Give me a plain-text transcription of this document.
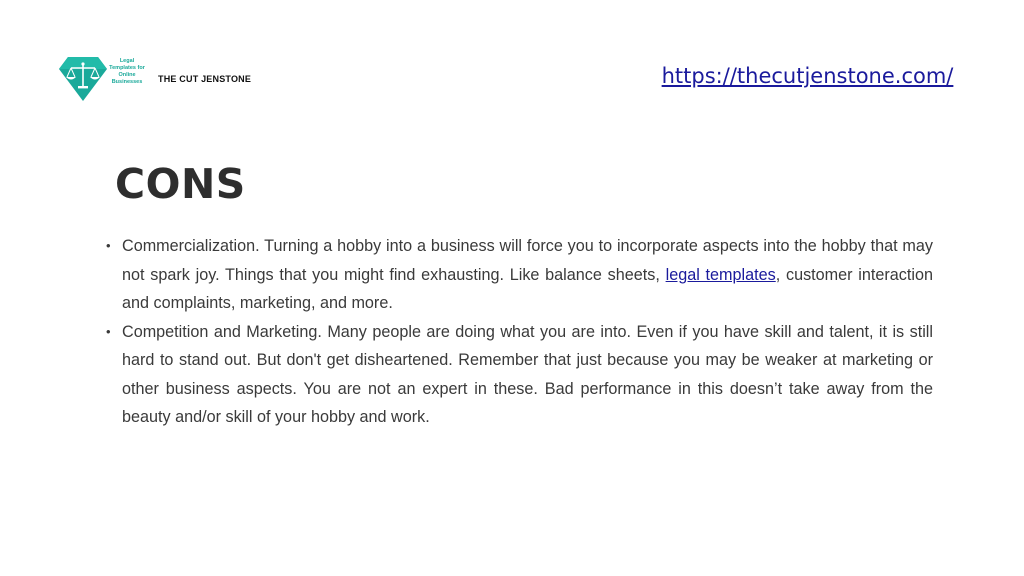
Legal
Templates for
Online
Businesses	THE CUT JENSTONE	https://thecutjenstone.com/
CONS
• Commercialization. Turning a hobby into a business will force you to incorporate aspects into the hobby that may not spark joy. Things that you might find exhausting. Like balance sheets, legal templates, customer interaction and complaints, marketing, and more.
• Competition and Marketing. Many people are doing what you are into. Even if you have skill and talent, it is still hard to stand out. But don't get disheartened. Remember that just because you may be weaker at marketing or other business aspects. You are not an expert in these. Bad performance in this doesn’t take away from the beauty and/or skill of your hobby and work.
